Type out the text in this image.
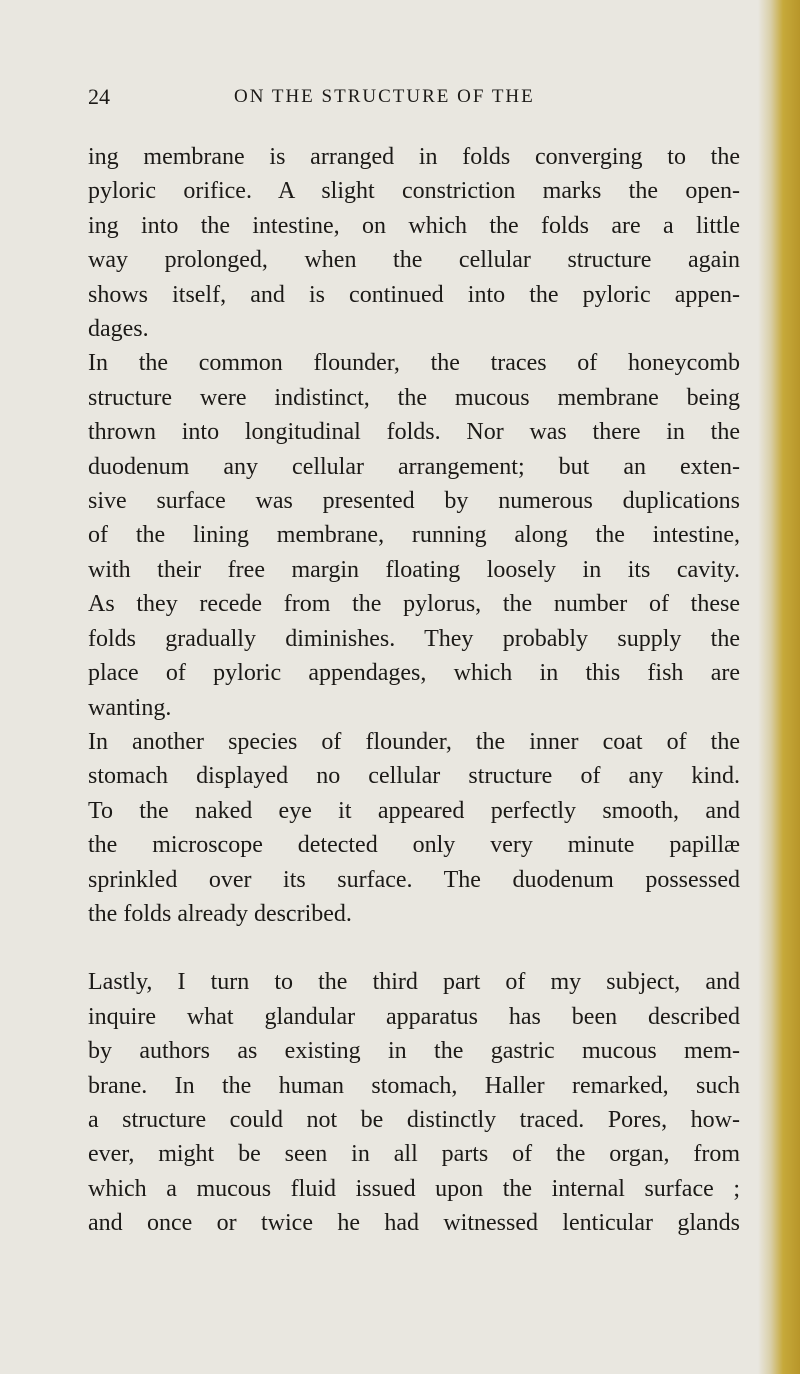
24	ON THE STRUCTURE OF THE

ing membrane is arranged in folds converging to the
pyloric orifice. A slight constriction marks the open-
ing into the intestine, on which the folds are a little
way prolonged, when the cellular structure again
shows itself, and is continued into the pyloric appen-
dages.

In the common flounder, the traces of honeycomb
structure were indistinct, the mucous membrane being
thrown into longitudinal folds. Nor was there in the
duodenum any cellular arrangement; but an exten-
sive surface was presented by numerous duplications
of the lining membrane, running along the intestine,
with their free margin floating loosely in its cavity.
As they recede from the pylorus, the number of these
folds gradually diminishes. They probably supply the
place of pyloric appendages, which in this fish are
wanting.

In another species of flounder, the inner coat of the
stomach displayed no cellular structure of any kind.
To the naked eye it appeared perfectly smooth, and
the microscope detected only very minute papillæ
sprinkled over its surface. The duodenum possessed
the folds already described.

Lastly, I turn to the third part of my subject, and
inquire what glandular apparatus has been described
by authors as existing in the gastric mucous mem-
brane. In the human stomach, Haller remarked, such
a structure could not be distinctly traced. Pores, how-
ever, might be seen in all parts of the organ, from
which a mucous fluid issued upon the internal surface ;
and once or twice he had witnessed lenticular glands
